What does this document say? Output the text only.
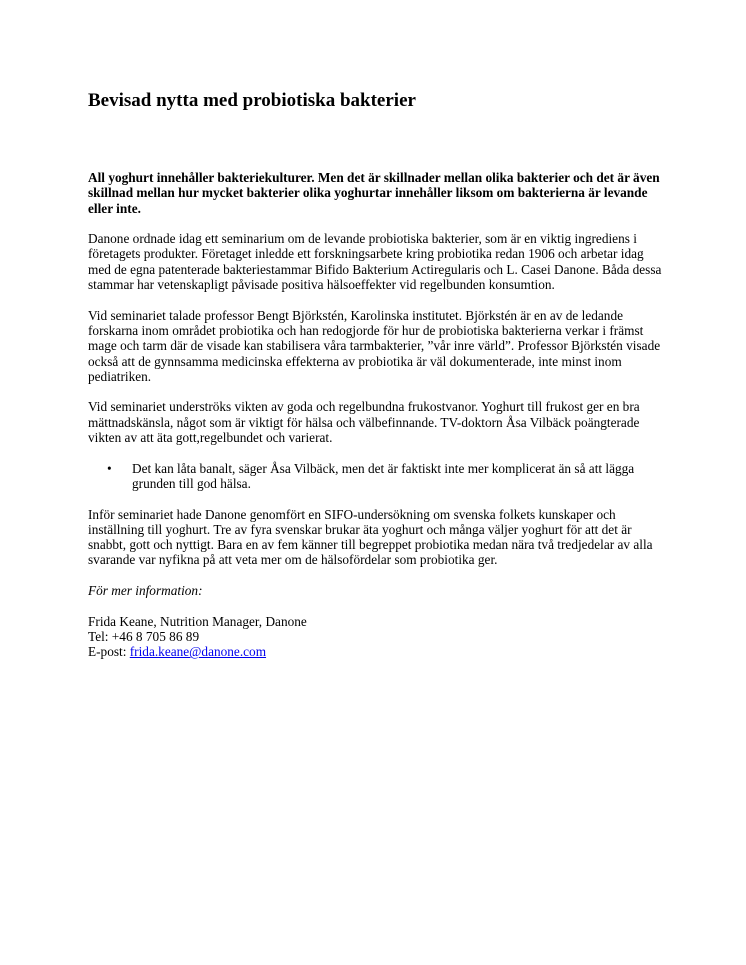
Bevisad nytta med probiotiska bakterier

All yoghurt innehåller bakteriekulturer. Men det är skillnader mellan olika bakterier och det är även skillnad mellan hur mycket bakterier olika yoghurtar innehåller liksom om bakterierna är levande eller inte.

Danone ordnade idag ett seminarium om de levande probiotiska bakterier, som är en viktig ingrediens i företagets produkter. Företaget inledde ett forskningsarbete kring probiotika redan 1906 och arbetar idag med de egna patenterade bakteriestammar Bifido Bakterium Actiregularis och L. Casei Danone. Båda dessa stammar har vetenskapligt påvisade positiva hälsoeffekter vid regelbunden konsumtion.

Vid seminariet talade professor Bengt Björkstén, Karolinska institutet. Björkstén är en av de ledande forskarna inom området probiotika och han redogjorde för hur de probiotiska bakterierna verkar i främst mage och tarm där de visade kan stabilisera våra tarmbakterier, ”vår inre värld”. Professor Björkstén visade också att de gynnsamma medicinska effekterna av probiotika är väl dokumenterade, inte minst inom pediatriken.

Vid seminariet underströks vikten av goda och regelbundna frukostvanor. Yoghurt till frukost ger en bra mättnadskänsla, något som är viktigt för hälsa och välbefinnande. TV-doktorn Åsa Vilbäck poängterade vikten av att äta gott,regelbundet och varierat.

• Det kan låta banalt, säger Åsa Vilbäck, men det är faktiskt inte mer komplicerat än så att lägga grunden till god hälsa.

Inför seminariet hade Danone genomfört en SIFO-undersökning om svenska folkets kunskaper och inställning till yoghurt. Tre av fyra svenskar brukar äta yoghurt och många väljer yoghurt för att det är snabbt, gott och nyttigt. Bara en av fem känner till begreppet probiotika medan nära två tredjedelar av alla svarande var nyfikna på att veta mer om de hälsofördelar som probiotika ger.

För mer information:

Frida Keane, Nutrition Manager, Danone
Tel: +46 8 705 86 89
E-post: frida.keane@danone.com
